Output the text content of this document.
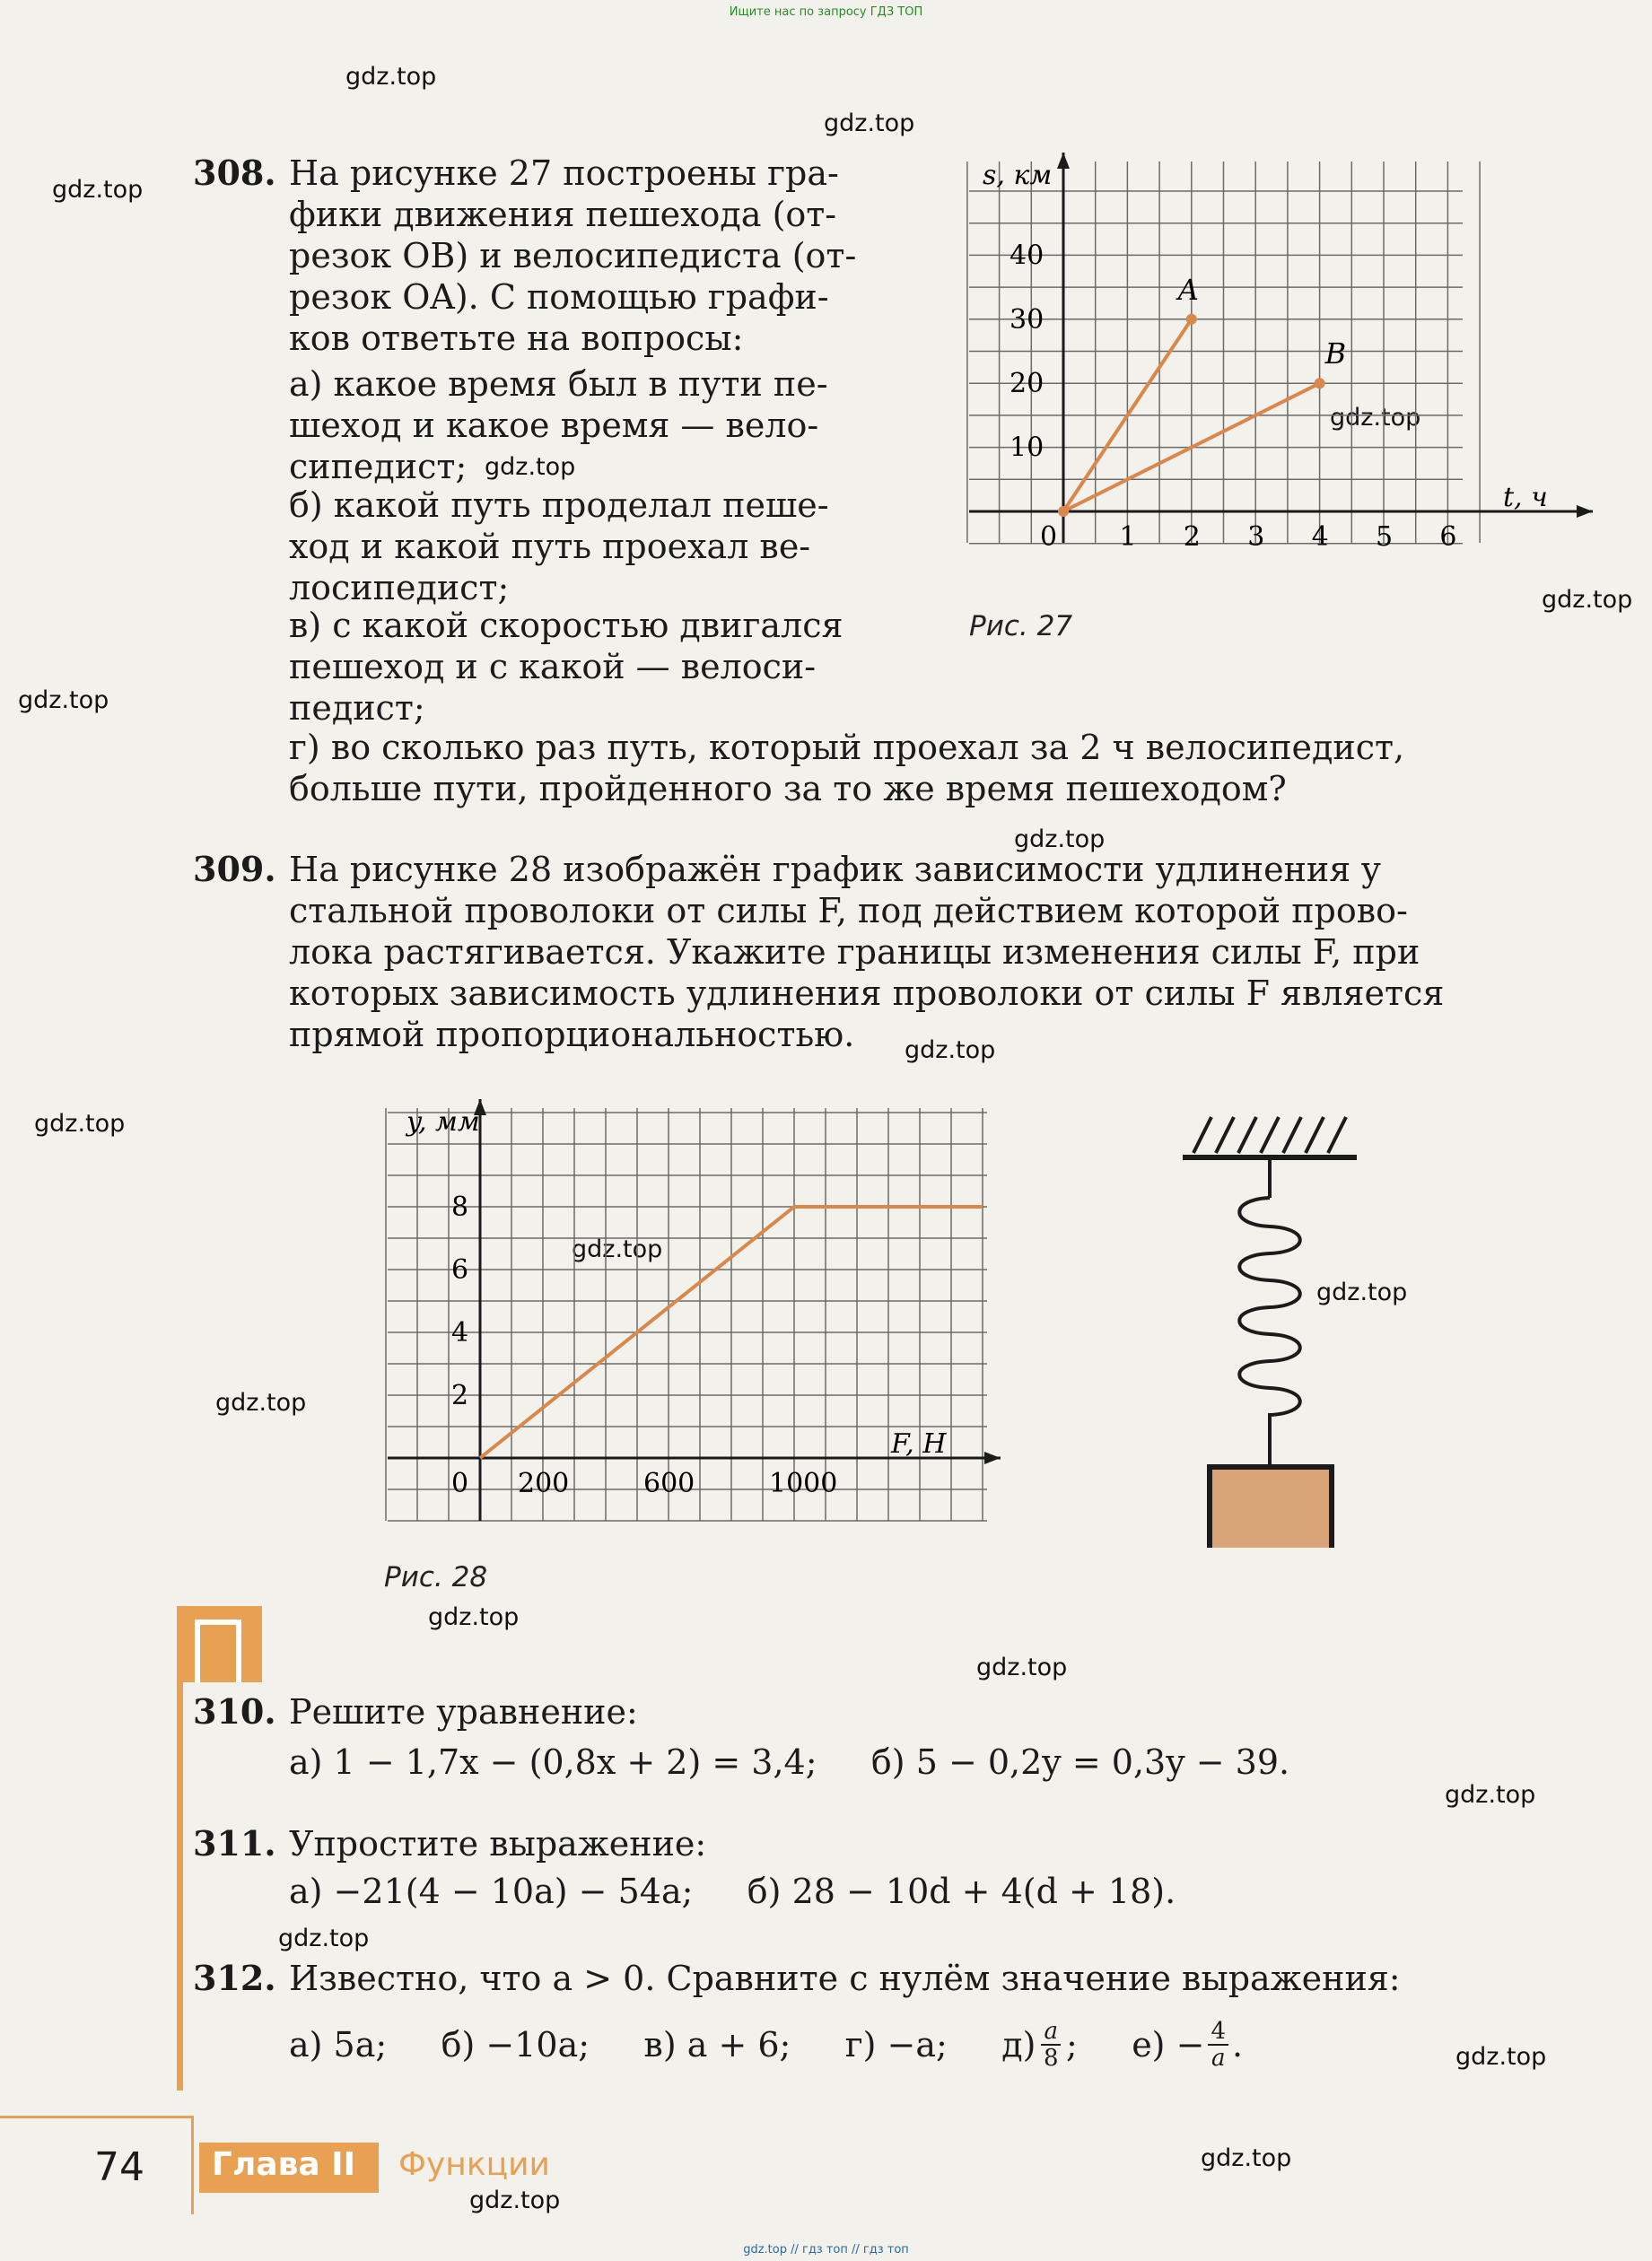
Ищите нас по запросу ГДЗ ТОП
gdz.top // гдз топ // гдз топ
gdz.top
gdz.top
gdz.top
gdz.top
gdz.top
gdz.top
gdz.top
gdz.top
gdz.top
gdz.top
gdz.top
gdz.top
gdz.top
gdz.top
gdz.top
gdz.top
gdz.top
gdz.top
gdz.top
gdz.top
308. На рисунке 27 построены гра-
фики движения пешехода (от-
резок OB) и велосипедиста (от-
резок OA). С помощью графи-
ков ответьте на вопросы:
а) какое время был в пути пе-
шеход и какое время — вело-
сипедист;
б) какой путь проделал пеше-
ход и какой путь проехал ве-
лосипедист;
в) с какой скоростью двигался
пешеход и с какой — велоси-
педист;
г) во сколько раз путь, который проехал за 2 ч велосипедист,
больше пути, пройденного за то же время пешеходом?
1 2 3 4 5 6
10
20
30
40
0
s, км
t, ч
A
B
Рис. 27
309. На рисунке 28 изображён график зависимости удлинения y
стальной проволоки от силы F, под действием которой прово-
лока растягивается. Укажите границы изменения силы F, при
которых зависимость удлинения проволоки от силы F является
прямой пропорциональностью.
200	600	1000
2
4
6
8
0
y, мм
F, Н
Рис. 28
310. Решите уравнение:
а) 1 − 1,7x − (0,8x + 2) = 3,4;     б) 5 − 0,2y = 0,3y − 39.
311. Упростите выражение:
а) −21(4 − 10a) − 54a;     б) 28 − 10d + 4(d + 18).
312. Известно, что a > 0. Сравните с нулём значение выражения:
а) 5a;     б) −10a;     в) a + 6;     г) −a;     $д) \frac{a}{8}$ ;     $е) - \frac{4}{a}$ .
74 Глава II Функции
